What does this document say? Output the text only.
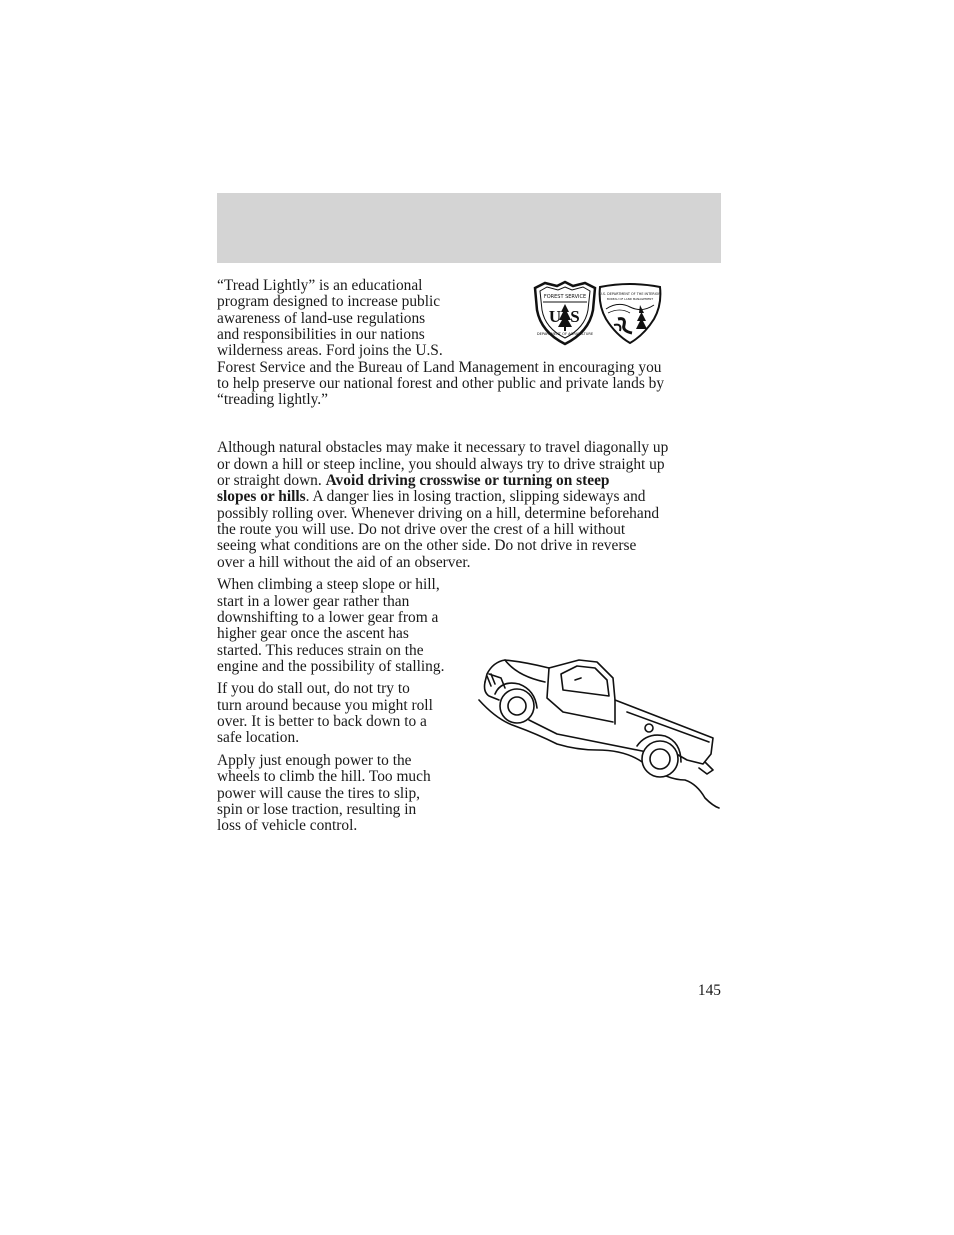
“Tread Lightly” is an educational
program designed to increase public
awareness of land-use regulations
and responsibilities in our nations
wilderness areas. Ford joins the U.S.
Forest Service and the Bureau of Land Management in encouraging you
to help preserve our national forest and other public and private lands by
“treading lightly.”
FOREST SERVICE
U S
DEPARTMENT OF AGRICULTURE
U.S. DEPARTMENT OF THE INTERIOR
BUREAU OF LAND MANAGEMENT
Although natural obstacles may make it necessary to travel diagonally up
or down a hill or steep incline, you should always try to drive straight up
or straight down. Avoid driving crosswise or turning on steep
slopes or hills. A danger lies in losing traction, slipping sideways and
possibly rolling over. Whenever driving on a hill, determine beforehand
the route you will use. Do not drive over the crest of a hill without
seeing what conditions are on the other side. Do not drive in reverse
over a hill without the aid of an observer.
When climbing a steep slope or hill,
start in a lower gear rather than
downshifting to a lower gear from a
higher gear once the ascent has
started. This reduces strain on the
engine and the possibility of stalling.
If you do stall out, do not try to
turn around because you might roll
over. It is better to back down to a
safe location.
Apply just enough power to the
wheels to climb the hill. Too much
power will cause the tires to slip,
spin or lose traction, resulting in
loss of vehicle control.
145
